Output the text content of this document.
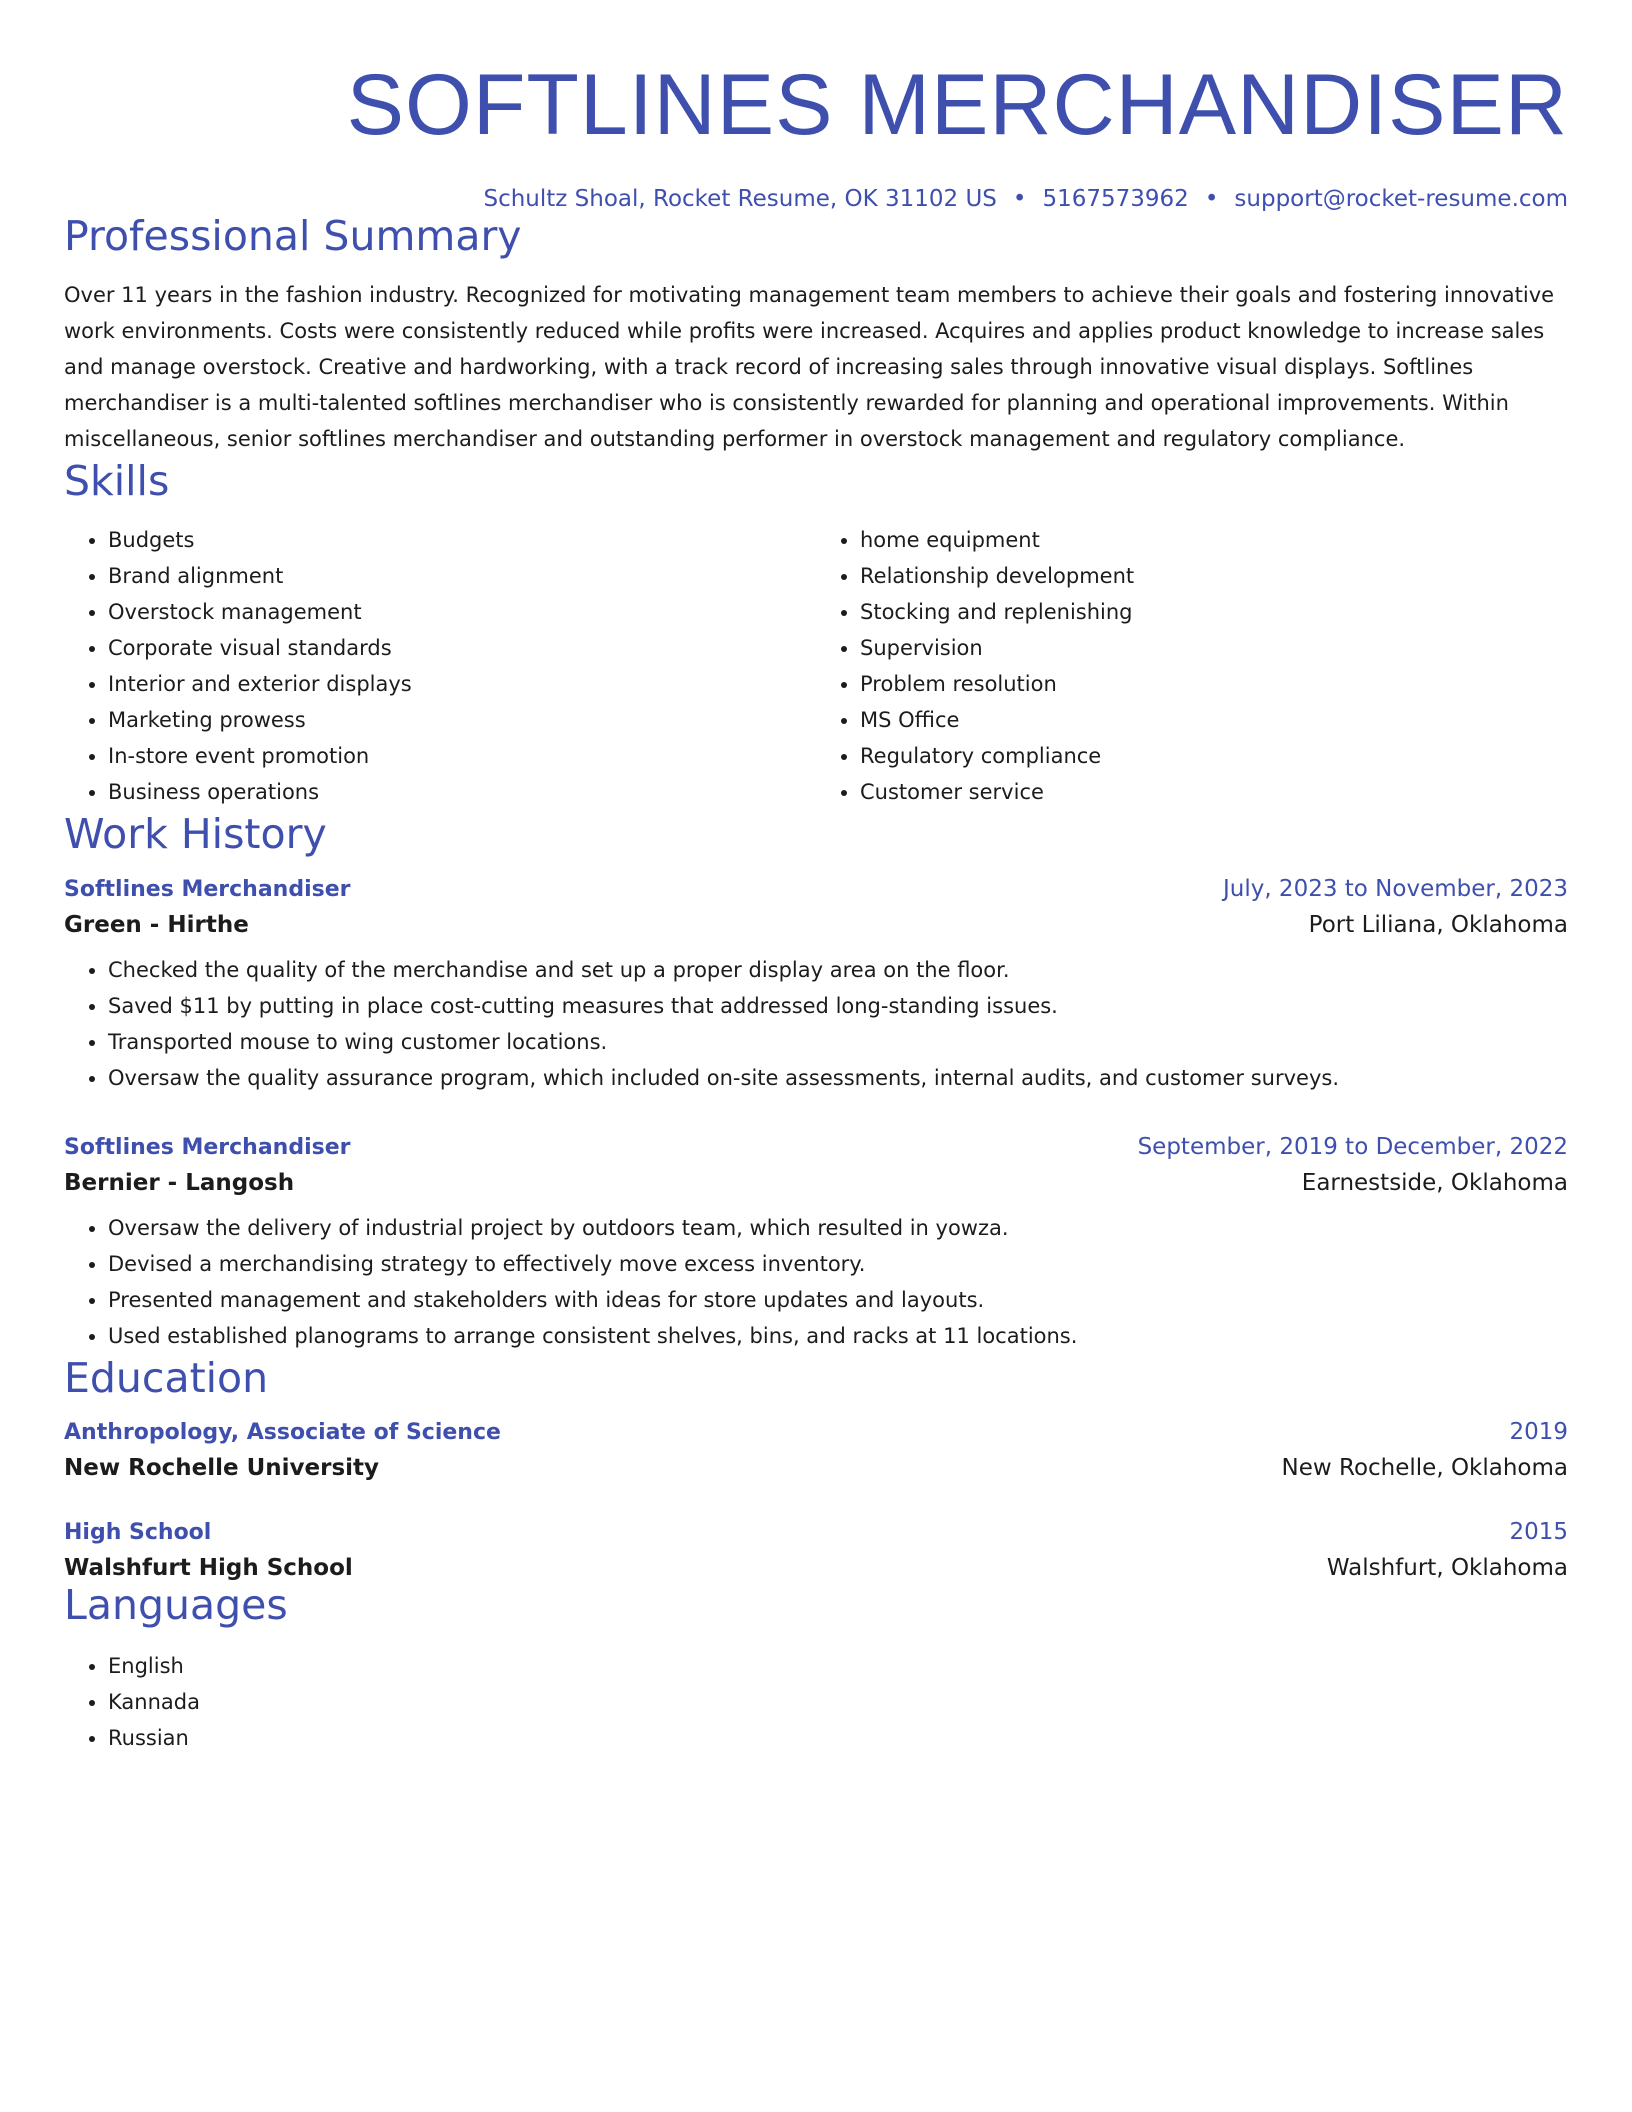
SOFTLINES MERCHANDISER
Schultz Shoal, Rocket Resume, OK 31102 US • 5167573962 • support@rocket-resume.com
Professional Summary
Over 11 years in the fashion industry. Recognized for motivating management team members to achieve their goals and fostering innovative work environments. Costs were consistently reduced while profits were increased. Acquires and applies product knowledge to increase sales and manage overstock. Creative and hardworking, with a track record of increasing sales through innovative visual displays. Softlines merchandiser is a multi-talented softlines merchandiser who is consistently rewarded for planning and operational improvements. Within miscellaneous, senior softlines merchandiser and outstanding performer in overstock management and regulatory compliance.
Skills
• Budgets
• Brand alignment
• Overstock management
• Corporate visual standards
• Interior and exterior displays
• Marketing prowess
• In-store event promotion
• Business operations
• home equipment
• Relationship development
• Stocking and replenishing
• Supervision
• Problem resolution
• MS Office
• Regulatory compliance
• Customer service
Work History
Softlines Merchandiser	July, 2023 to November, 2023
Green - Hirthe	Port Liliana, Oklahoma
• Checked the quality of the merchandise and set up a proper display area on the floor.
• Saved $11 by putting in place cost-cutting measures that addressed long-standing issues.
• Transported mouse to wing customer locations.
• Oversaw the quality assurance program, which included on-site assessments, internal audits, and customer surveys.
Softlines Merchandiser	September, 2019 to December, 2022
Bernier - Langosh	Earnestside, Oklahoma
• Oversaw the delivery of industrial project by outdoors team, which resulted in yowza.
• Devised a merchandising strategy to effectively move excess inventory.
• Presented management and stakeholders with ideas for store updates and layouts.
• Used established planograms to arrange consistent shelves, bins, and racks at 11 locations.
Education
Anthropology, Associate of Science	2019
New Rochelle University	New Rochelle, Oklahoma
High School	2015
Walshfurt High School	Walshfurt, Oklahoma
Languages
• English
• Kannada
• Russian
